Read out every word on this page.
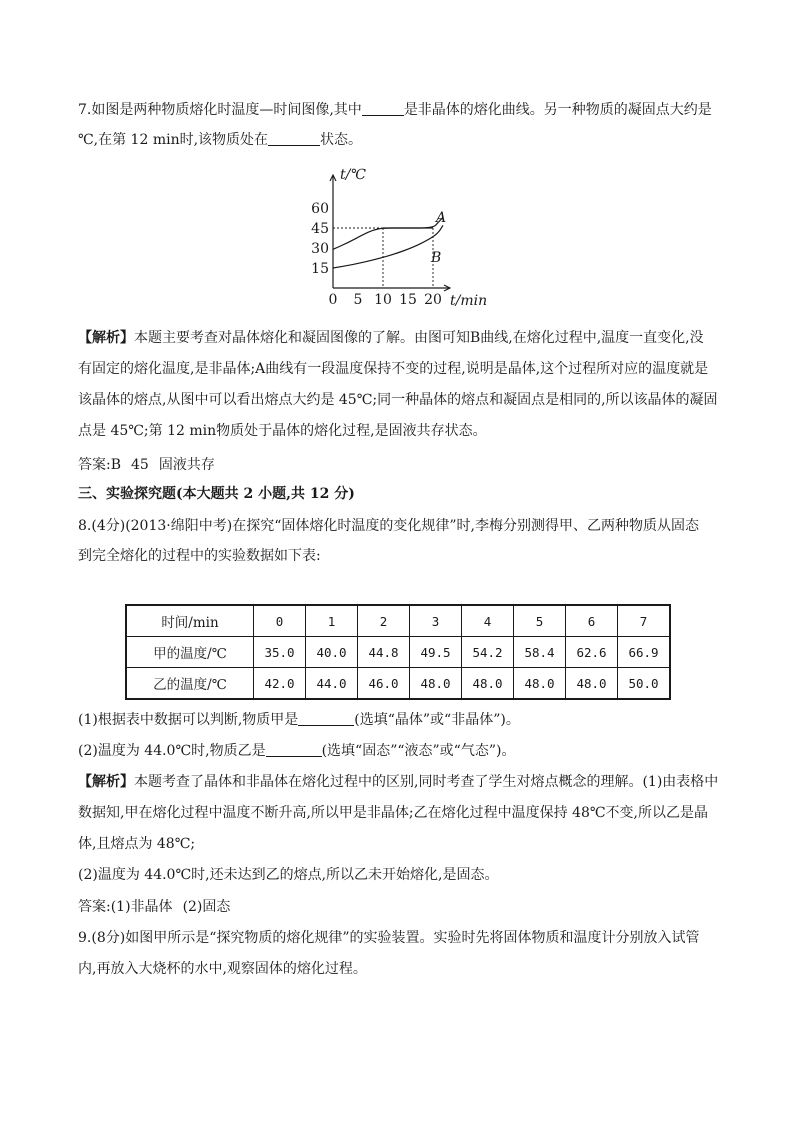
7.如图是两种物质熔化时温度—时间图像,其中	是非晶体的熔化曲线。另一种物质的凝固点大约是
℃,在第 12 min时,该物质处在	状态。
A
B
0 5 10 15 20
15
30
45
60
t/℃
t/min
【解析】本题主要考查对晶体熔化和凝固图像的了解。由图可知B曲线,在熔化过程中,温度一直变化,没
有固定的熔化温度,是非晶体;A曲线有一段温度保持不变的过程,说明是晶体,这个过程所对应的温度就是
该晶体的熔点,从图中可以看出熔点大约是 45℃;同一种晶体的熔点和凝固点是相同的,所以该晶体的凝固
点是 45℃;第 12 min物质处于晶体的熔化过程,是固液共存状态。
答案:B 45 固液共存
三、实验探究题(本大题共 2 小题,共 12 分)
8.(4分)(2013·绵阳中考)在探究“固体熔化时温度的变化规律”时,李梅分别测得甲、乙两种物质从固态
到完全熔化的过程中的实验数据如下表:
时间/min	0	1	2	3	4	5	6	7
甲的温度/℃	35.0	40.0	44.8	49.5	54.2	58.4	62.6	66.9
乙的温度/℃	42.0	44.0	46.0	48.0	48.0	48.0	48.0	50.0
(1)根据表中数据可以判断,物质甲是	(选填“晶体”或“非晶体”)。
(2)温度为 44.0℃时,物质乙是	(选填“固态”“液态”或“气态”)。
【解析】本题考查了晶体和非晶体在熔化过程中的区别,同时考查了学生对熔点概念的理解。(1)由表格中
数据知,甲在熔化过程中温度不断升高,所以甲是非晶体;乙在熔化过程中温度保持 48℃不变,所以乙是晶
体,且熔点为 48℃;
(2)温度为 44.0℃时,还未达到乙的熔点,所以乙未开始熔化,是固态。
答案:(1)非晶体 (2)固态
9.(8分)如图甲所示是“探究物质的熔化规律”的实验装置。实验时先将固体物质和温度计分别放入试管
内,再放入大烧杯的水中,观察固体的熔化过程。
